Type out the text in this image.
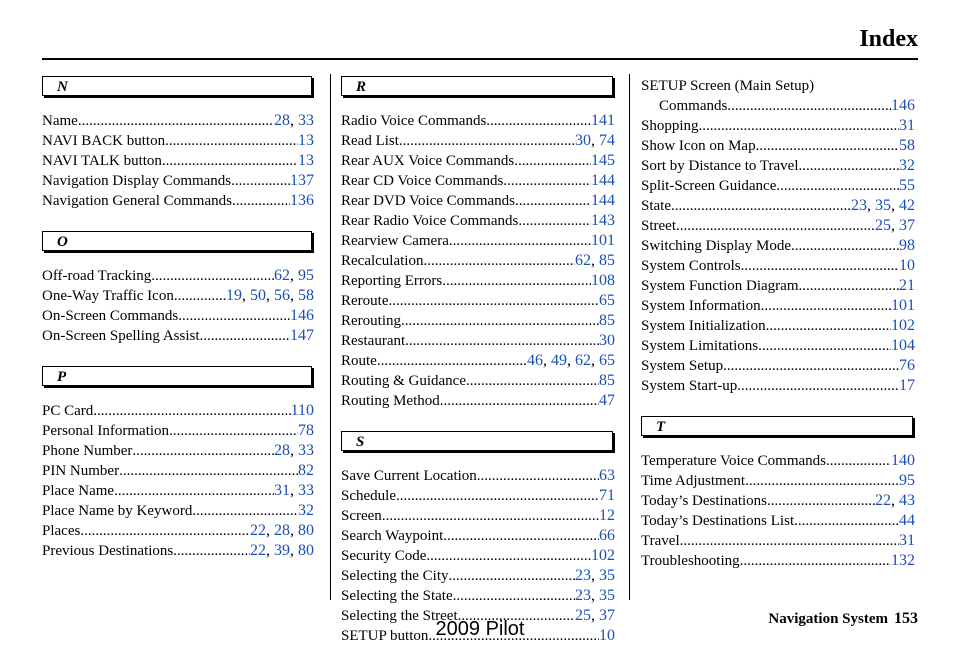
Index
N
Name .....	28, 33
NAVI BACK button .....	13
NAVI TALK button .....	13
Navigation Display Commands .....	137
Navigation General Commands .....	136
O
Off-road Tracking .....	62, 95
One-Way Traffic Icon .....	19, 50, 56, 58
On-Screen Commands .....	146
On-Screen Spelling Assist .....	147
P
PC Card .....	110
Personal Information .....	78
Phone Number .....	28, 33
PIN Number .....	82
Place Name .....	31, 33
Place Name by Keyword .....	32
Places .....	22, 28, 80
Previous Destinations .....	22, 39, 80
R
Radio Voice Commands .....	141
Read List .....	30, 74
Rear AUX Voice Commands .....	145
Rear CD Voice Commands .....	144
Rear DVD Voice Commands .....	144
Rear Radio Voice Commands .....	143
Rearview Camera .....	101
Recalculation .....	62, 85
Reporting Errors .....	108
Reroute .....	65
Rerouting .....	85
Restaurant .....	30
Route .....	46, 49, 62, 65
Routing & Guidance .....	85
Routing Method .....	47
S
Save Current Location .....	63
Schedule .....	71
Screen .....	12
Search Waypoint .....	66
Security Code .....	102
Selecting the City .....	23, 35
Selecting the State .....	23, 35
Selecting the Street .....	25, 37
SETUP button .....	10
SETUP Screen (Main Setup)
Commands .....	146
Shopping .....	31
Show Icon on Map .....	58
Sort by Distance to Travel .....	32
Split-Screen Guidance .....	55
State .....	23, 35, 42
Street .....	25, 37
Switching Display Mode .....	98
System Controls .....	10
System Function Diagram .....	21
System Information .....	101
System Initialization .....	102
System Limitations .....	104
System Setup .....	76
System Start-up .....	17
T
Temperature Voice Commands .....	140
Time Adjustment .....	95
Today’s Destinations .....	22, 43
Today’s Destinations List .....	44
Travel .....	31
Troubleshooting .....	132
Navigation System 153
2009 Pilot
